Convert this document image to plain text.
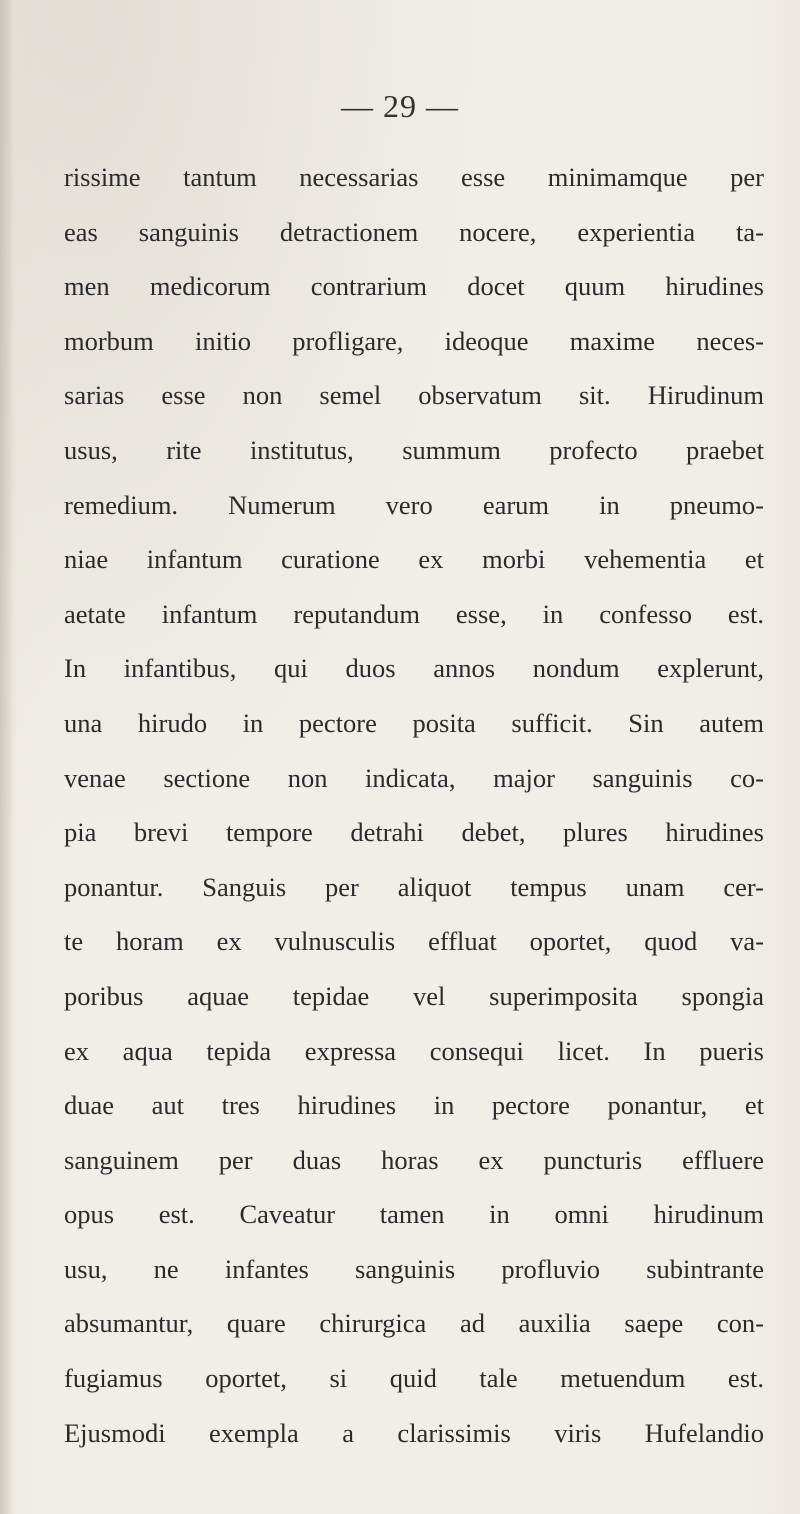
— 29 —
rissime tantum necessarias esse minimamque per
eas sanguinis detractionem nocere, experientia ta-
men medicorum contrarium docet quum hirudines
morbum initio profligare, ideoque maxime neces-
sarias esse non semel observatum sit. Hirudinum
usus, rite institutus, summum profecto praebet
remedium. Numerum vero earum in pneumo-
niae infantum curatione ex morbi vehementia et
aetate infantum reputandum esse, in confesso est.
In infantibus, qui duos annos nondum explerunt,
una hirudo in pectore posita sufficit. Sin autem
venae sectione non indicata, major sanguinis co-
pia brevi tempore detrahi debet, plures hirudines
ponantur. Sanguis per aliquot tempus unam cer-
te horam ex vulnusculis effluat oportet, quod va-
poribus aquae tepidae vel superimposita spongia
ex aqua tepida expressa consequi licet. In pueris
duae aut tres hirudines in pectore ponantur, et
sanguinem per duas horas ex puncturis effluere
opus est. Caveatur tamen in omni hirudinum
usu, ne infantes sanguinis profluvio subintrante
absumantur, quare chirurgica ad auxilia saepe con-
fugiamus oportet, si quid tale metuendum est.
Ejusmodi exempla a clarissimis viris Hufelandio
